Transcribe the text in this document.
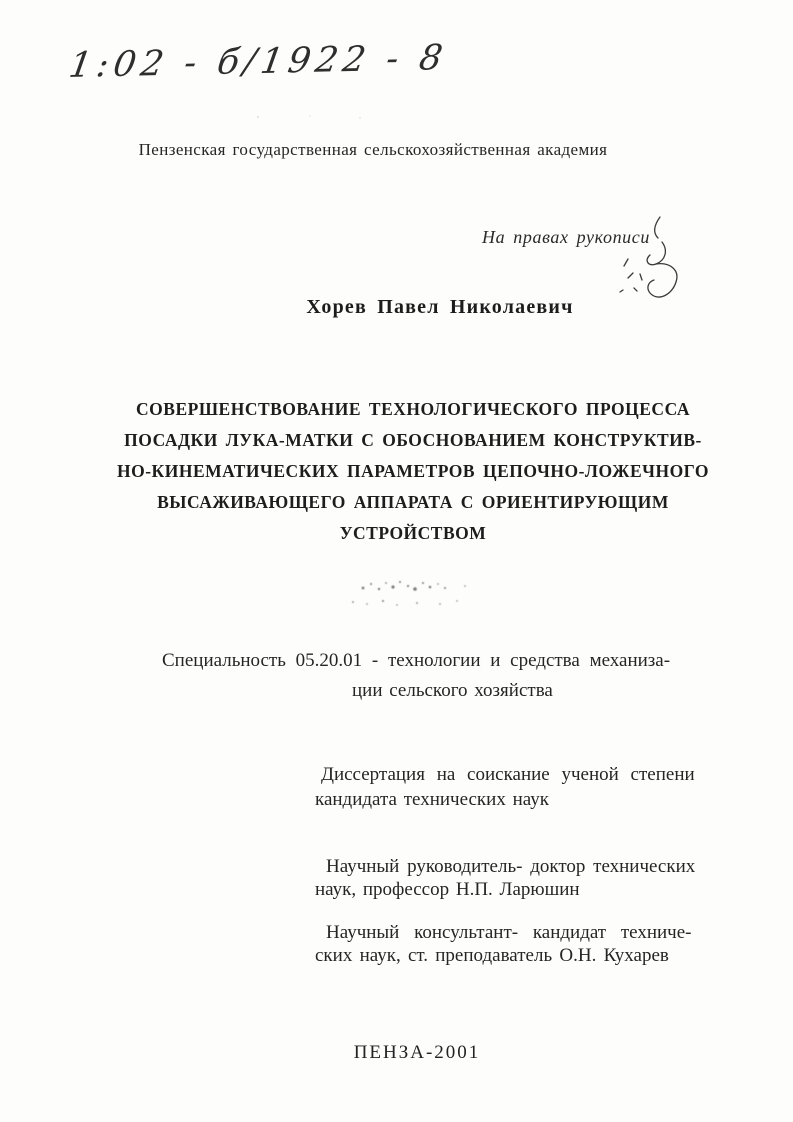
1:02 - б/1922 - 8
Пензенская государственная сельскохозяйственная академия
На правах рукописи
Хорев Павел Николаевич
СОВЕРШЕНСТВОВАНИЕ ТЕХНОЛОГИЧЕСКОГО ПРОЦЕССА
ПОСАДКИ ЛУКА-МАТКИ С ОБОСНОВАНИЕМ КОНСТРУКТИВ-
НО-КИНЕМАТИЧЕСКИХ ПАРАМЕТРОВ ЦЕПОЧНО-ЛОЖЕЧНОГО
ВЫСАЖИВАЮЩЕГО АППАРАТА С ОРИЕНТИРУЮЩИМ
УСТРОЙСТВОМ
Специальность 05.20.01 - технологии и средства механиза-
ции сельского хозяйства
Диссертация на соискание ученой степени
кандидата технических наук
Научный руководитель- доктор технических
наук, профессор Н.П. Ларюшин
Научный консультант- кандидат техниче-
ских наук, ст. преподаватель О.Н. Кухарев
ПЕНЗА-2001
